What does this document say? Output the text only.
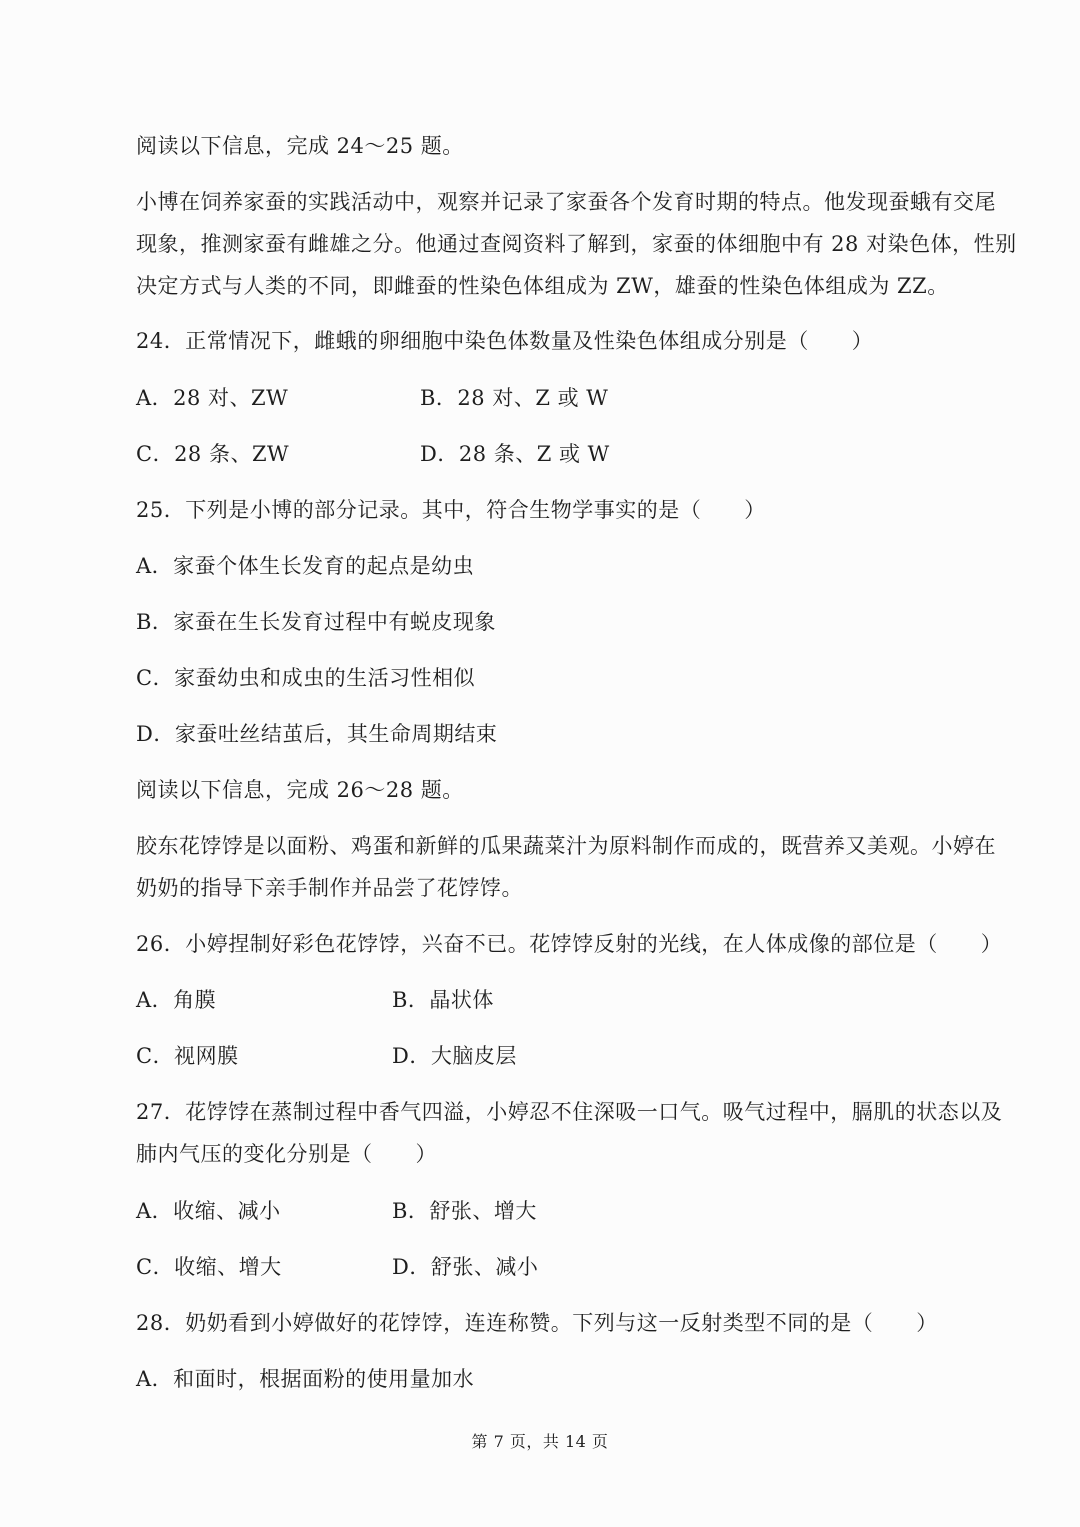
阅读以下信息，完成 24～25 题。
小博在饲养家蚕的实践活动中，观察并记录了家蚕各个发育时期的特点。他发现蚕蛾有交尾
现象，推测家蚕有雌雄之分。他通过查阅资料了解到，家蚕的体细胞中有 28 对染色体，性别
决定方式与人类的不同，即雌蚕的性染色体组成为 ZW，雄蚕的性染色体组成为 ZZ。
24．正常情况下，雌蛾的卵细胞中染色体数量及性染色体组成分别是（　　）
A．28 对、ZW	B．28 对、Z 或 W
C．28 条、ZW	D．28 条、Z 或 W
25．下列是小博的部分记录。其中，符合生物学事实的是（　　）
A．家蚕个体生长发育的起点是幼虫
B．家蚕在生长发育过程中有蜕皮现象
C．家蚕幼虫和成虫的生活习性相似
D．家蚕吐丝结茧后，其生命周期结束
阅读以下信息，完成 26～28 题。
胶东花饽饽是以面粉、鸡蛋和新鲜的瓜果蔬菜汁为原料制作而成的，既营养又美观。小婷在
奶奶的指导下亲手制作并品尝了花饽饽。
26．小婷捏制好彩色花饽饽，兴奋不已。花饽饽反射的光线，在人体成像的部位是（　　）
A．角膜	B．晶状体
C．视网膜	D．大脑皮层
27．花饽饽在蒸制过程中香气四溢，小婷忍不住深吸一口气。吸气过程中，膈肌的状态以及
肺内气压的变化分别是（　　）
A．收缩、减小	B．舒张、增大
C．收缩、增大	D．舒张、减小
28．奶奶看到小婷做好的花饽饽，连连称赞。下列与这一反射类型不同的是（　　）
A．和面时，根据面粉的使用量加水
第 7 页，共 14 页
